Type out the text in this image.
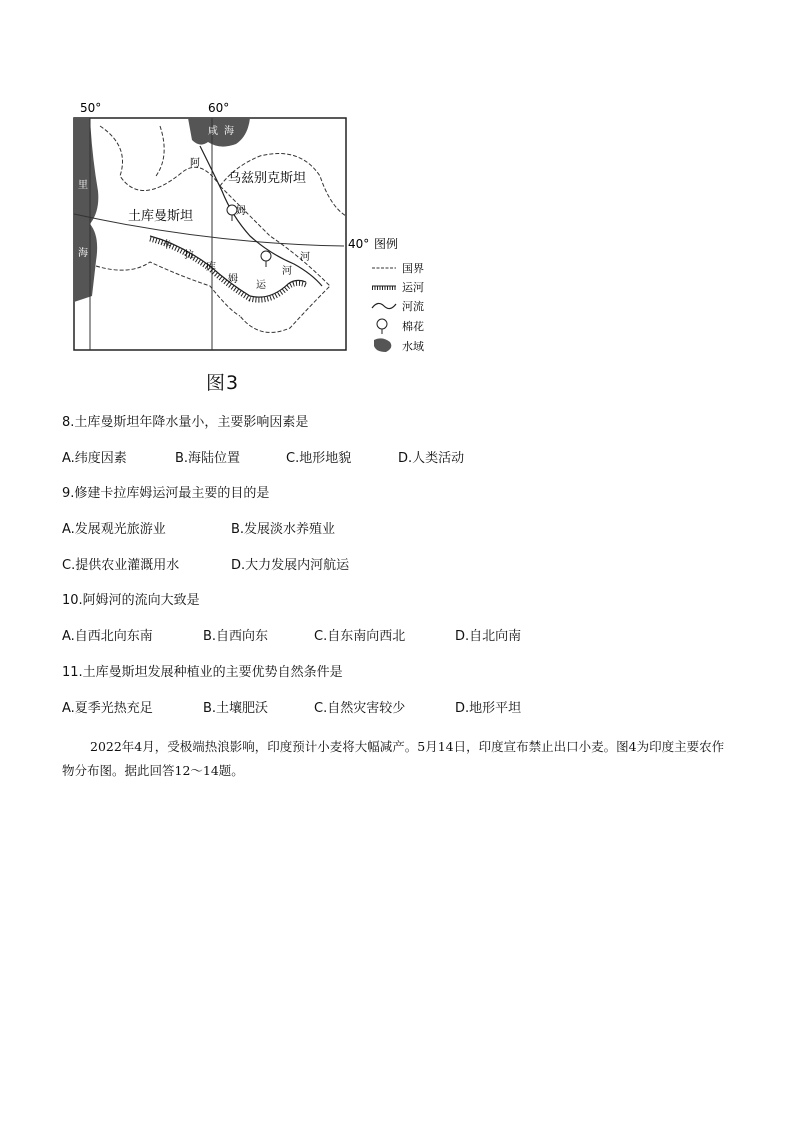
50°	60°
40°
乌兹别克斯坦
土库曼斯坦
咸 海
里
海
阿
姆
河
卡
拉
库
姆
运
河
图例
国界
运河
河流
棉花
水域
图3
8.土库曼斯坦年降水量小，主要影响因素是
A.纬度因素	B.海陆位置	C.地形地貌	D.人类活动
9.修建卡拉库姆运河最主要的目的是
A.发展观光旅游业	B.发展淡水养殖业
C.提供农业灌溉用水	D.大力发展内河航运
10.阿姆河的流向大致是
A.自西北向东南	B.自西向东	C.自东南向西北	D.自北向南
11.土库曼斯坦发展种植业的主要优势自然条件是
A.夏季光热充足	B.土壤肥沃	C.自然灾害较少	D.地形平坦
2022年4月，受极端热浪影响，印度预计小麦将大幅减产。5月14日，印度宣布禁止出口小麦。图4为印度主要农作物分布图。据此回答12～14题。
